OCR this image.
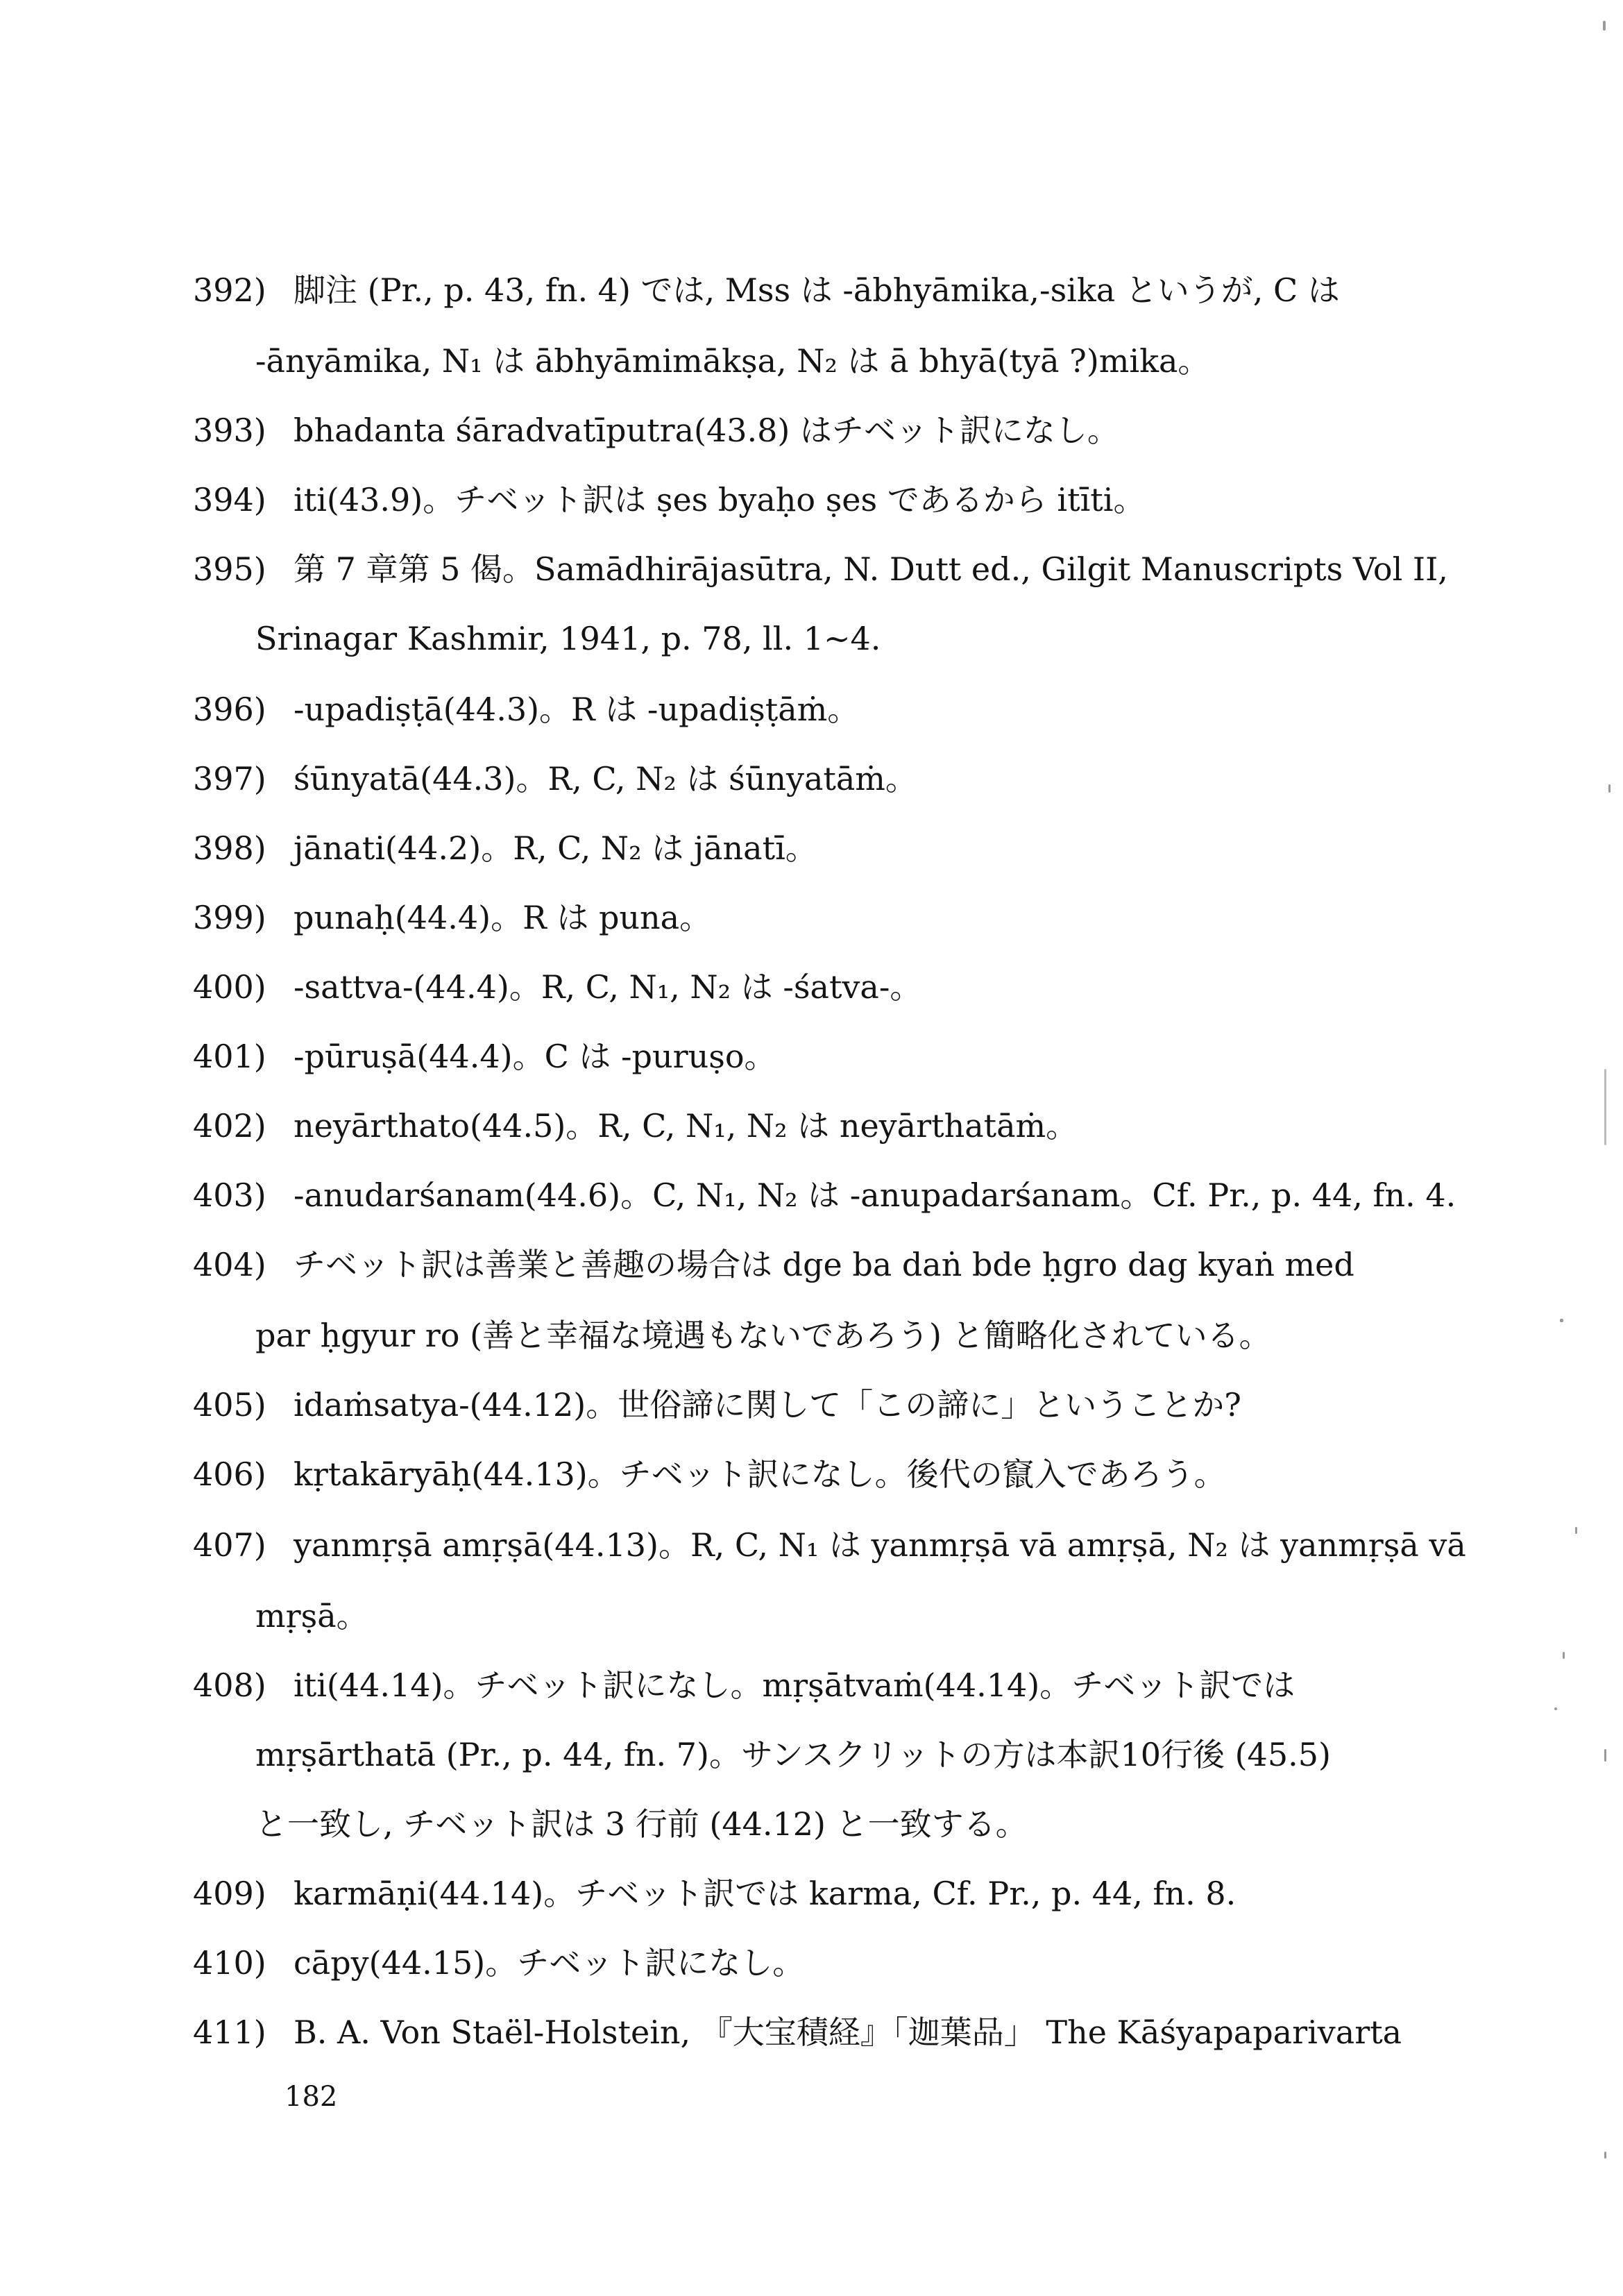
392) 脚注 (Pr., p. 43, fn. 4) では, Mss は -ābhyāmika,-sika というが, C は
-ānyāmika, N₁ は ābhyāmimākṣa, N₂ は ā bhyā(tyā ?)mika。
393) bhadanta śāradvatīputra(43.8) はチベット訳になし。
394) iti(43.9)。チベット訳は ṣes byaḥo ṣes であるから itīti。
395) 第 7 章第 5 偈。Samādhirājasūtra, N. Dutt ed., Gilgit Manuscripts Vol II,
Srinagar Kashmir, 1941, p. 78, ll. 1~4.
396) -upadiṣṭā(44.3)。R は -upadiṣṭāṁ。
397) śūnyatā(44.3)。R, C, N₂ は śūnyatāṁ。
398) jānati(44.2)。R, C, N₂ は jānatī。
399) punaḥ(44.4)。R は puna。
400) -sattva-(44.4)。R, C, N₁, N₂ は -śatva-。
401) -pūruṣā(44.4)。C は -puruṣo。
402) neyārthato(44.5)。R, C, N₁, N₂ は neyārthatāṁ。
403) -anudarśanam(44.6)。C, N₁, N₂ は -anupadarśanam。Cf. Pr., p. 44, fn. 4.
404) チベット訳は善業と善趣の場合は dge ba daṅ bde ḥgro dag kyaṅ med
par ḥgyur ro (善と幸福な境遇もないであろう) と簡略化されている。
405) idaṁsatya-(44.12)。世俗諦に関して「この諦に」ということか?
406) kṛtakāryāḥ(44.13)。チベット訳になし。後代の竄入であろう。
407) yanmṛṣā amṛṣā(44.13)。R, C, N₁ は yanmṛṣā vā amṛṣā, N₂ は yanmṛṣā vā
mṛṣā。
408) iti(44.14)。チベット訳になし。mṛṣātvaṁ(44.14)。チベット訳では
mṛṣārthatā (Pr., p. 44, fn. 7)。サンスクリットの方は本訳10行後 (45.5)
と一致し, チベット訳は 3 行前 (44.12) と一致する。
409) karmāṇi(44.14)。チベット訳では karma, Cf. Pr., p. 44, fn. 8.
410) cāpy(44.15)。チベット訳になし。
411) B. A. Von Staël-Holstein, 『大宝積経』「迦葉品」 The Kāśyapaparivarta
182
